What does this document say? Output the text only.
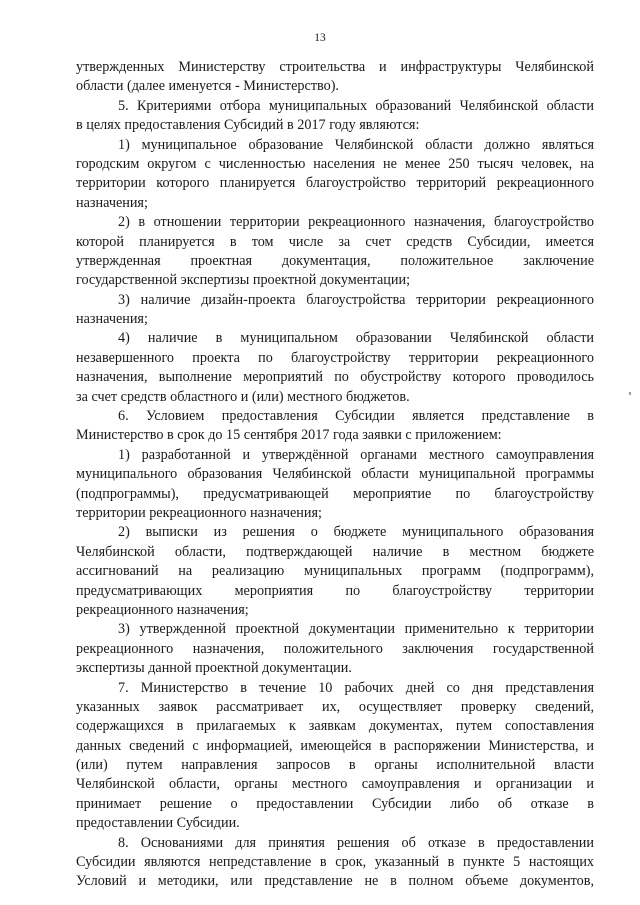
13
утвержденных Министерству строительства и инфраструктуры Челябинской
области (далее именуется - Министерство).
5. Критериями отбора муниципальных образований Челябинской области
в целях предоставления Субсидий в 2017 году являются:
1) муниципальное образование Челябинской области должно являться
городским округом с численностью населения не менее 250 тысяч человек, на
территории которого планируется благоустройство территорий рекреационного
назначения;
2) в отношении территории рекреационного назначения, благоустройство
которой планируется в том числе за счет средств Субсидии, имеется
утвержденная проектная документация, положительное заключение
государственной экспертизы проектной документации;
3) наличие дизайн-проекта благоустройства территории рекреационного
назначения;
4) наличие в муниципальном образовании Челябинской области
незавершенного проекта по благоустройству территории рекреационного
назначения, выполнение мероприятий по обустройству которого проводилось
за счет средств областного и (или) местного бюджетов.
6. Условием предоставления Субсидии является представление в
Министерство в срок до 15 сентября 2017 года заявки с приложением:
1) разработанной и утверждённой органами местного самоуправления
муниципального образования Челябинской области муниципальной программы
(подпрограммы), предусматривающей мероприятие по благоустройству
территории рекреационного назначения;
2) выписки из решения о бюджете муниципального образования
Челябинской области, подтверждающей наличие в местном бюджете
ассигнований на реализацию муниципальных программ (подпрограмм),
предусматривающих мероприятия по благоустройству территории
рекреационного назначения;
3) утвержденной проектной документации применительно к территории
рекреационного назначения, положительного заключения государственной
экспертизы данной проектной документации.
7. Министерство в течение 10 рабочих дней со дня представления
указанных заявок рассматривает их, осуществляет проверку сведений,
содержащихся в прилагаемых к заявкам документах, путем сопоставления
данных сведений с информацией, имеющейся в распоряжении Министерства, и
(или) путем направления запросов в органы исполнительной власти
Челябинской области, органы местного самоуправления и организации и
принимает решение о предоставлении Субсидии либо об отказе в
предоставлении Субсидии.
8. Основаниями для принятия решения об отказе в предоставлении
Субсидии являются непредставление в срок, указанный в пункте 5 настоящих
Условий и методики, или представление не в полном объеме документов,
